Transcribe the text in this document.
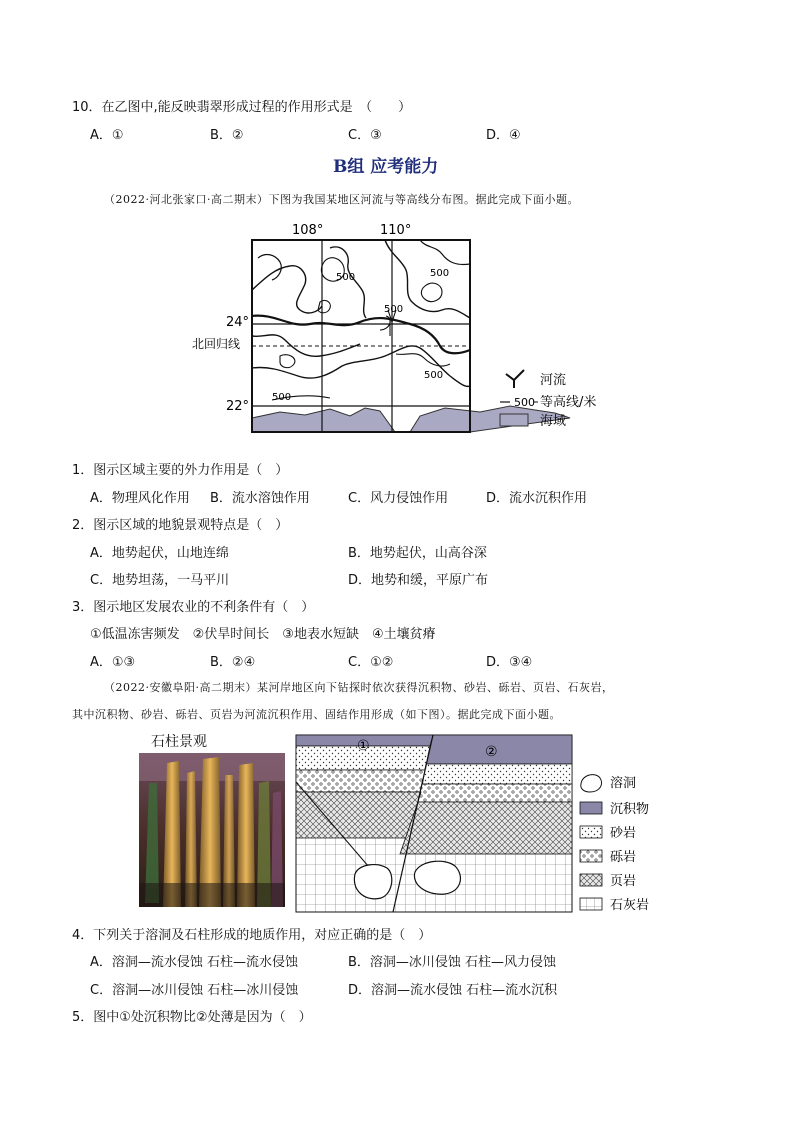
10．在乙图中,能反映翡翠形成过程的作用形式是　（　　）
A．①	B．②	C．③	D．④
B组 应考能力
（2022·河北张家口·高二期末）下图为我国某地区河流与等高线分布图。据此完成下面小题。
500	500
500
500
500
108°	110°
24°
22°
北回归线
河流
500 等高线/米
海域
1．图示区域主要的外力作用是（　）
A．物理风化作用 B．流水溶蚀作用	C．风力侵蚀作用	D．流水沉积作用
2．图示区域的地貌景观特点是（　）
A．地势起伏，山地连绵	B．地势起伏，山高谷深
C．地势坦荡，一马平川	D．地势和缓，平原广布
3．图示地区发展农业的不利条件有（　）
①低温冻害频发　②伏旱时间长　③地表水短缺　④土壤贫瘠
A．①③	B．②④	C．①②	D．③④
（2022·安徽阜阳·高二期末）某河岸地区向下钻探时依次获得沉积物、砂岩、砾岩、页岩、石灰岩，
其中沉积物、砂岩、砾岩、页岩为河流沉积作用、固结作用形成（如下图）。据此完成下面小题。
石柱景观	①	②
溶洞
沉积物
砂岩
砾岩
页岩
石灰岩
4．下列关于溶洞及石柱形成的地质作用，对应正确的是（　）
A．溶洞—流水侵蚀 石柱—流水侵蚀	B．溶洞—冰川侵蚀 石柱—风力侵蚀
C．溶洞—冰川侵蚀 石柱—冰川侵蚀	D．溶洞—流水侵蚀 石柱—流水沉积
5．图中①处沉积物比②处薄是因为（　）
